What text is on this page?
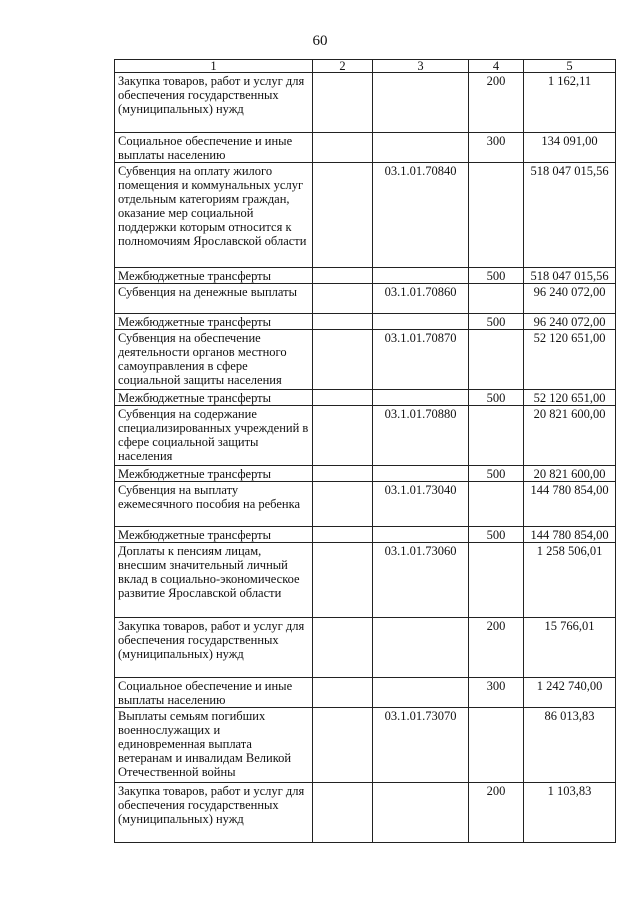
60
1	2	3	4	5
Закупка товаров, работ и услуг для обеспечения государственных (муниципальных) нужд			200	1 162,11
Социальное обеспечение и иные выплаты населению			300	134 091,00
Субвенция на оплату жилого помещения и коммунальных услуг отдельным категориям граждан, оказание мер социальной поддержки которым относится к полномочиям Ярославской области		03.1.01.70840		518 047 015,56
Межбюджетные трансферты			500	518 047 015,56
Субвенция на денежные выплаты		03.1.01.70860		96 240 072,00
Межбюджетные трансферты			500	96 240 072,00
Субвенция на обеспечение деятельности органов местного самоуправления в сфере социальной защиты населения		03.1.01.70870		52 120 651,00
Межбюджетные трансферты			500	52 120 651,00
Субвенция на содержание специализированных учреждений в сфере социальной защиты населения		03.1.01.70880		20 821 600,00
Межбюджетные трансферты			500	20 821 600,00
Субвенция на выплату ежемесячного пособия на ребенка		03.1.01.73040		144 780 854,00
Межбюджетные трансферты			500	144 780 854,00
Доплаты к пенсиям лицам, внесшим значительный личный вклад в социально-экономическое развитие Ярославской области		03.1.01.73060		1 258 506,01
Закупка товаров, работ и услуг для обеспечения государственных (муниципальных) нужд			200	15 766,01
Социальное обеспечение и иные выплаты населению			300	1 242 740,00
Выплаты семьям погибших военнослужащих и единовременная выплата ветеранам и инвалидам Великой Отечественной войны		03.1.01.73070		86 013,83
Закупка товаров, работ и услуг для обеспечения государственных (муниципальных) нужд			200	1 103,83
